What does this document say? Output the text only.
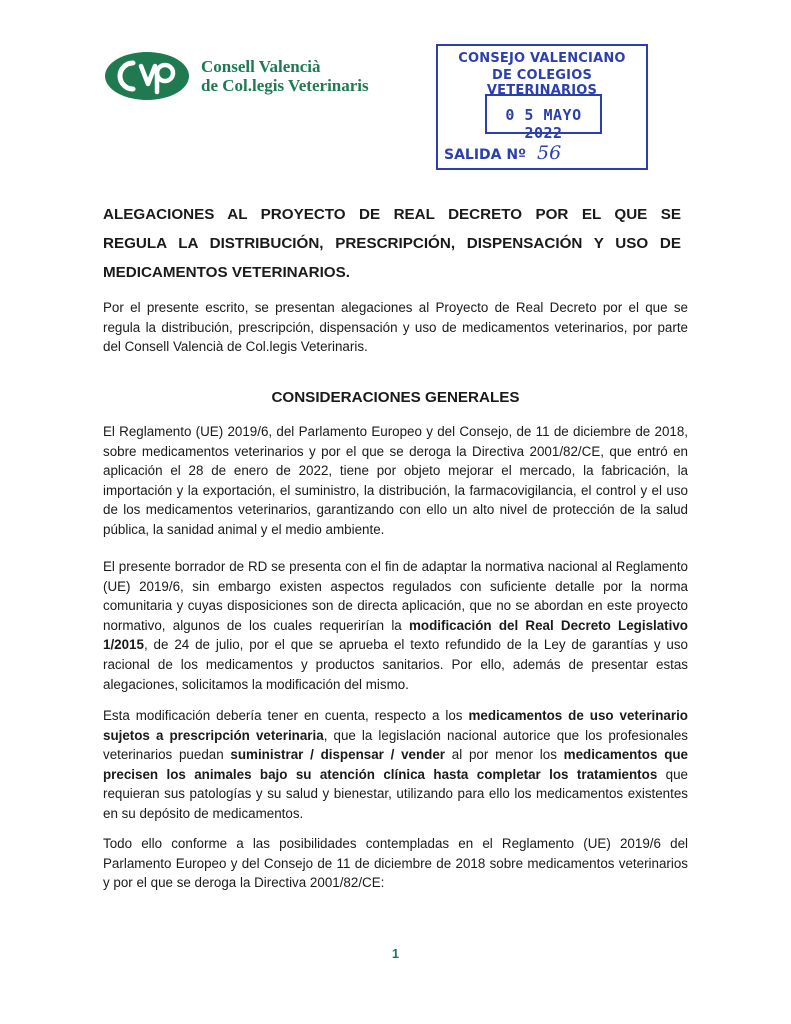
Consell Valencià
de Col.legis Veterinaris
CONSEJO VALENCIANO
DE COLEGIOS VETERINARIOS
0 5 MAYO 2022
SALIDA Nº 56

ALEGACIONES AL PROYECTO DE REAL DECRETO POR EL QUE SE
REGULA LA DISTRIBUCIÓN, PRESCRIPCIÓN, DISPENSACIÓN Y USO DE
MEDICAMENTOS VETERINARIOS.

Por el presente escrito, se presentan alegaciones al Proyecto de Real Decreto por el que se regula la distribución, prescripción, dispensación y uso de medicamentos veterinarios, por parte del Consell Valencià de Col.legis Veterinaris.

CONSIDERACIONES GENERALES

El Reglamento (UE) 2019/6, del Parlamento Europeo y del Consejo, de 11 de diciembre de 2018, sobre medicamentos veterinarios y por el que se deroga la Directiva 2001/82/CE, que entró en aplicación el 28 de enero de 2022, tiene por objeto mejorar el mercado, la fabricación, la importación y la exportación, el suministro, la distribución, la farmacovigilancia, el control y el uso de los medicamentos veterinarios, garantizando con ello un alto nivel de protección de la salud pública, la sanidad animal y el medio ambiente.

El presente borrador de RD se presenta con el fin de adaptar la normativa nacional al Reglamento (UE) 2019/6, sin embargo existen aspectos regulados con suficiente detalle por la norma comunitaria y cuyas disposiciones son de directa aplicación, que no se abordan en este proyecto normativo, algunos de los cuales requerirían la modificación del Real Decreto Legislativo 1/2015, de 24 de julio, por el que se aprueba el texto refundido de la Ley de garantías y uso racional de los medicamentos y productos sanitarios. Por ello, además de presentar estas alegaciones, solicitamos la modificación del mismo.

Esta modificación debería tener en cuenta, respecto a los medicamentos de uso veterinario sujetos a prescripción veterinaria, que la legislación nacional autorice que los profesionales veterinarios puedan suministrar / dispensar / vender al por menor los medicamentos que precisen los animales bajo su atención clínica hasta completar los tratamientos que requieran sus patologías y su salud y bienestar, utilizando para ello los medicamentos existentes en su depósito de medicamentos.

Todo ello conforme a las posibilidades contempladas en el Reglamento (UE) 2019/6 del Parlamento Europeo y del Consejo de 11 de diciembre de 2018 sobre medicamentos veterinarios y por el que se deroga la Directiva 2001/82/CE:

1
